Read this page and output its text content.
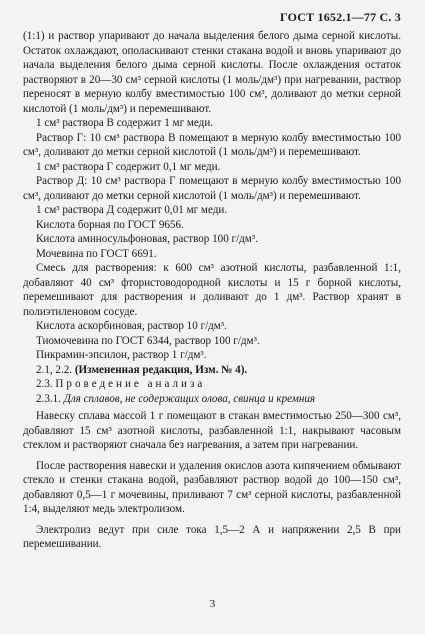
ГОСТ 1652.1—77 С. 3

(1:1) и раствор упаривают до начала выделения белого дыма серной кислоты. Остаток охлаждают, ополаскивают стенки стакана водой и вновь упаривают до начала выделения белого дыма серной кислоты. После охлаждения остаток растворяют в 20—30 см³ серной кислоты (1 моль/дм³) при нагревании, раствор переносят в мерную колбу вместимостью 100 см³, доливают до метки серной кислотой (1 моль/дм³) и перемешивают.

1 см³ раствора В содержит 1 мг меди.

Раствор Г: 10 см³ раствора В помещают в мерную колбу вместимостью 100 см³, доливают до метки серной кислотой (1 моль/дм³) и перемешивают.

1 см³ раствора Г содержит 0,1 мг меди.

Раствор Д: 10 см³ раствора Г помещают в мерную колбу вместимостью 100 см³, доливают до метки серной кислотой (1 моль/дм³) и перемешивают.

1 см³ раствора Д содержит 0,01 мг меди.

Кислота борная по ГОСТ 9656.

Кислота аминосульфоновая, раствор 100 г/дм³.

Мочевина по ГОСТ 6691.

Смесь для растворения: к 600 см³ азотной кислоты, разбавленной 1:1, добавляют 40 см³ фтористоводородной кислоты и 15 г борной кислоты, перемешивают для растворения и доливают до 1 дм³. Раствор хранят в полиэтиленовом сосуде.

Кислота аскорбиновая, раствор 10 г/дм³.

Тиомочевина по ГОСТ 6344, раствор 100 г/дм³.

Пикрамин-эпсилон, раствор 1 г/дм³.

2.1, 2.2. (Измененная редакция, Изм. № 4).

2.3. Проведение анализа

2.3.1. Для сплавов, не содержащих олова, свинца и кремния

Навеску сплава массой 1 г помещают в стакан вместимостью 250—300 см³, добавляют 15 см³ азотной кислоты, разбавленной 1:1, накрывают часовым стеклом и растворяют сначала без нагревания, а затем при нагревании.

После растворения навески и удаления окислов азота кипячением обмывают стекло и стенки стакана водой, разбавляют раствор водой до 100—150 см³, добавляют 0,5—1 г мочевины, приливают 7 см³ серной кислоты, разбавленной 1:4, выделяют медь электролизом.

Электролиз ведут при силе тока 1,5—2 А и напряжении 2,5 В при перемешивании.

3
